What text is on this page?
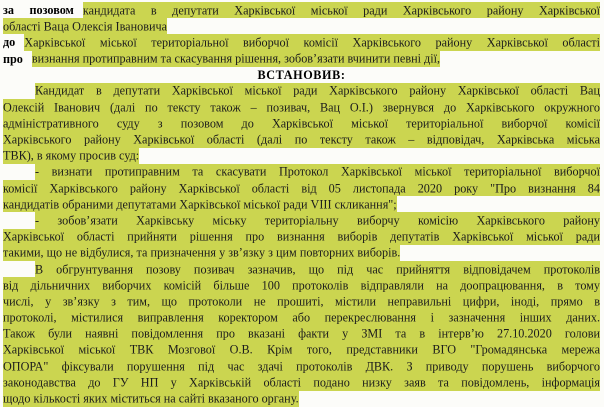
за позовом кандидата в депутати Харківської міської ради Харківського району Харківської
області Ваца Олексія Івановича
до Харківської міської територіальної виборчої комісії Харківського району Харківської області
про визнання протиправним та скасування рішення, зобов’язати вчинити певні дії,
ВСТАНОВИВ:
Кандидат в депутати Харківської міської ради Харківського району Харківської області Вац
Олексій Іванович (далі по тексту також – позивач, Вац О.І.) звернувся до Харківського окружного
адміністративного суду з позовом до Харківської міської територіальної виборчої комісії
Харківського району Харківської області (далі по тексту також – відповідач, Харківська міська
ТВК), в якому просив суд:
- визнати протиправним та скасувати Протокол Харківської міської територіальної виборчої
комісії Харківського району Харківської області від 05 листопада 2020 року "Про визнання 84
кандидатів обраними депутатами Харківської міської ради VIII скликання";
- зобов’язати Харківську міську територіальну виборчу комісію Харківського району
Харківської області прийняти рішення про визнання виборів депутатів Харківської міської ради
такими, що не відбулися, та призначення у зв’язку з цим повторних виборів.
В обгрунтування позову позивач зазначив, що під час прийняття відповідачем протоколів
від дільничних виборчих комісій більше 100 протоколів відправляли на доопрацювання, в тому
числі, у зв’язку з тим, що протоколи не прошиті, містили неправильні цифри, іноді, прямо в
протоколі, містилися виправлення коректором або перекреслювання і зазначення інших даних.
Також були наявні повідомлення про вказані факти у ЗМІ та в інтерв’ю 27.10.2020 голови
Харківської міської ТВК Мозгової О.В. Крім того, представники ВГО "Громадянська мережа
ОПОРА" фіксували порушення під час здачі протоколів ДВК. З приводу порушень виборчого
законодавства до ГУ НП у Харківській області подано низку заяв та повідомлень, інформація
щодо кількості яких міститься на сайті вказаного органу.
